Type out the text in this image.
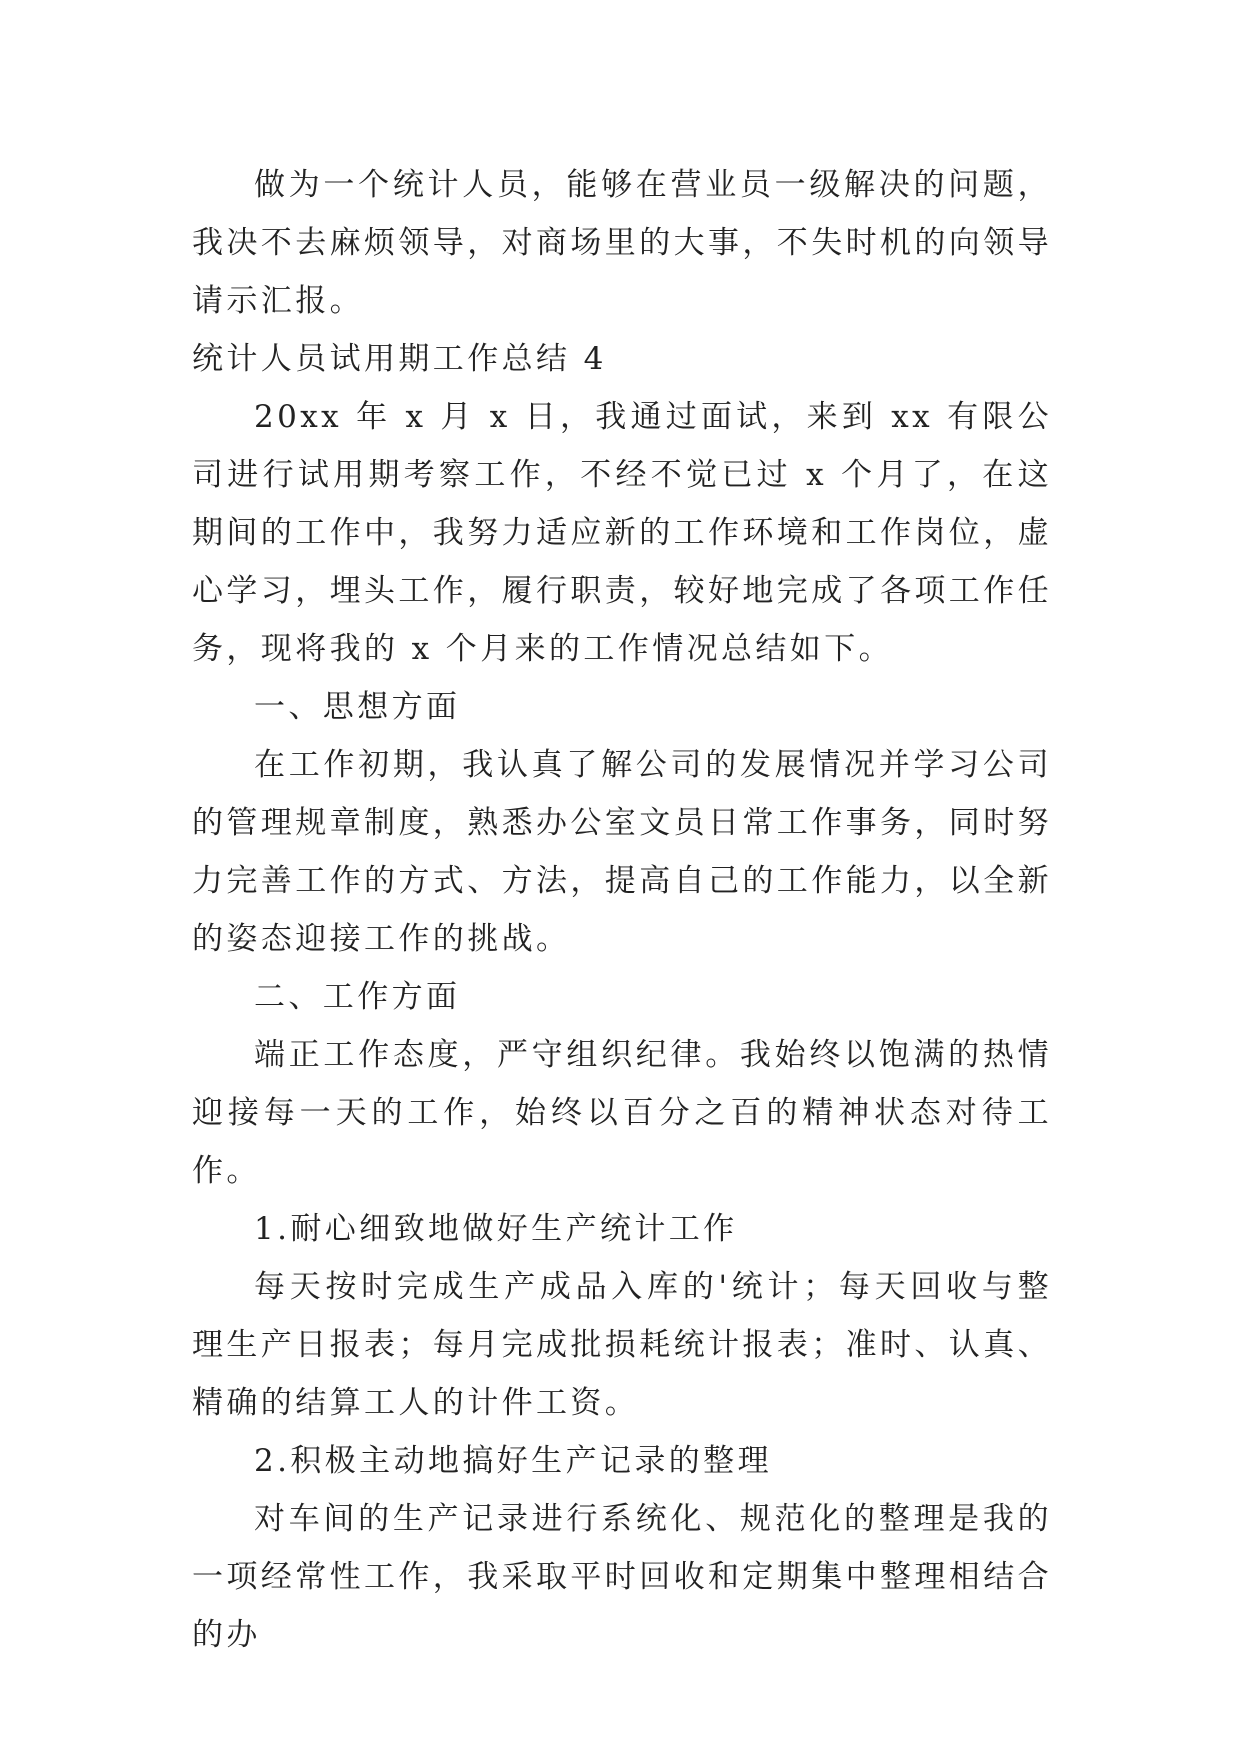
做为一个统计人员，能够在营业员一级解决的问题，我决不去麻烦领导，对商场里的大事，不失时机的向领导请示汇报。

统计人员试用期工作总结 4

20xx 年 x 月 x 日，我通过面试，来到 xx 有限公司进行试用期考察工作，不经不觉已过 x 个月了，在这期间的工作中，我努力适应新的工作环境和工作岗位，虚心学习，埋头工作，履行职责，较好地完成了各项工作任务，现将我的 x 个月来的工作情况总结如下。

一、思想方面

在工作初期，我认真了解公司的发展情况并学习公司的管理规章制度，熟悉办公室文员日常工作事务，同时努力完善工作的方式、方法，提高自己的工作能力，以全新的姿态迎接工作的挑战。

二、工作方面

端正工作态度，严守组织纪律。我始终以饱满的热情迎接每一天的工作，始终以百分之百的精神状态对待工作。

1.耐心细致地做好生产统计工作

每天按时完成生产成品入库的'统计；每天回收与整理生产日报表；每月完成批损耗统计报表；准时、认真、精确的结算工人的计件工资。

2.积极主动地搞好生产记录的整理

对车间的生产记录进行系统化、规范化的整理是我的一项经常性工作，我采取平时回收和定期集中整理相结合的办
